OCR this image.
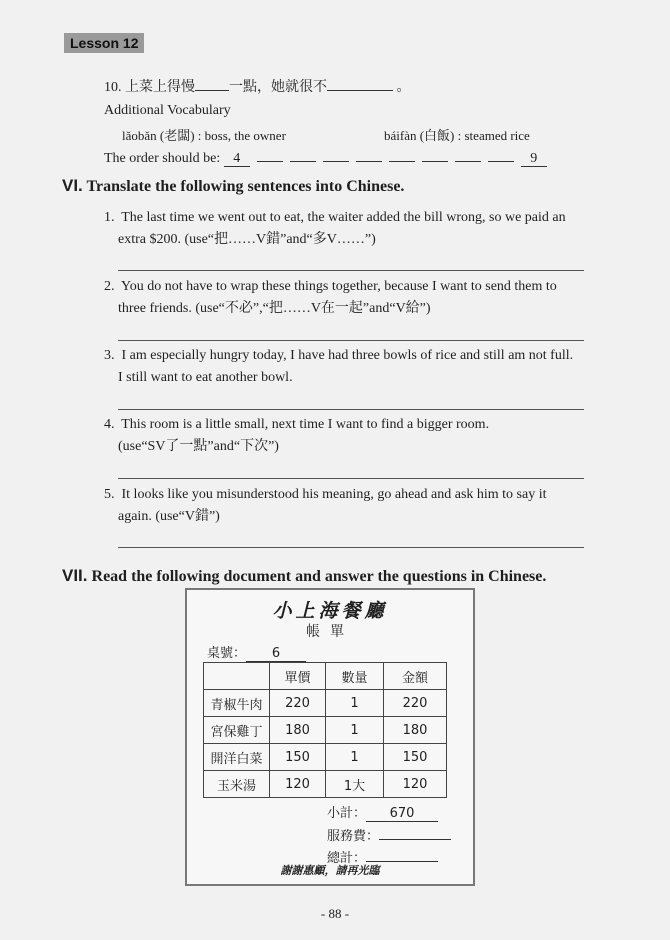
Lesson 12
10. 上菜上得慢 一點，她就很不	。
Additional Vocabulary
lǎobǎn (老闆) : boss, the owner	báifàn (白飯) : steamed rice
The order should be: 4	9
VI. Translate the following sentences into Chinese.
1. The last time we went out to eat, the waiter added the bill wrong, so we paid an
extra $200. (use“把……V錯”and“多V……”)
2. You do not have to wrap these things together, because I want to send them to
three friends. (use“不必”,“把……V在一起”and“V給”)
3. I am especially hungry today, I have had three bowls of rice and still am not full.
I still want to eat another bowl.
4. This room is a little small, next time I want to find a bigger room.
(use“SV了一點”and“下次”)
5. It looks like you misunderstood his meaning, go ahead and ask him to say it
again. (use“V錯”)
VII. Read the following document and answer the questions in Chinese.
小上海餐廳
帳單
桌號： 6
	單價	數量	金額
青椒牛肉	220	1	220
宮保雞丁	180	1	180
開洋白菜	150	1	150
玉米湯	120	1大	120
小計： 670
服務費：
總計：
謝謝惠顧，請再光臨
- 88 -
